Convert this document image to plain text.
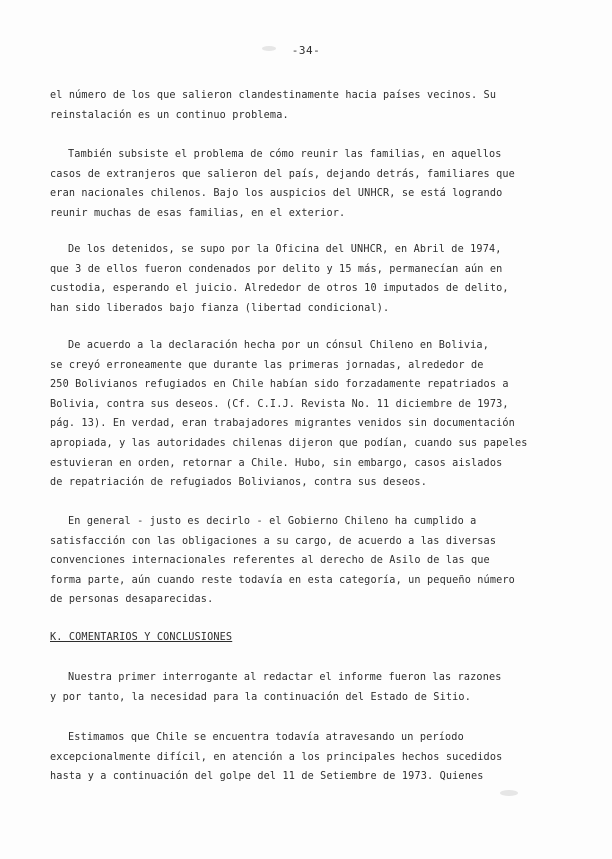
-34-
el número de los que salieron clandestinamente hacia países vecinos. Su
reinstalación es un continuo problema.
También subsiste el problema de cómo reunir las familias, en aquellos
casos de extranjeros que salieron del país, dejando detrás, familiares que
eran nacionales chilenos. Bajo los auspicios del UNHCR, se está logrando
reunir muchas de esas familias, en el exterior.
De los detenidos, se supo por la Oficina del UNHCR, en Abril de 1974,
que 3 de ellos fueron condenados por delito y 15 más, permanecían aún en
custodia, esperando el juicio. Alrededor de otros 10 imputados de delito,
han sido liberados bajo fianza (libertad condicional).
De acuerdo a la declaración hecha por un cónsul Chileno en Bolivia,
se creyó erroneamente que durante las primeras jornadas, alrededor de
250 Bolivianos refugiados en Chile habían sido forzadamente repatriados a
Bolivia, contra sus deseos. (Cf. C.I.J. Revista No. 11 diciembre de 1973,
pág. 13). En verdad, eran trabajadores migrantes venidos sin documentación
apropiada, y las autoridades chilenas dijeron que podían, cuando sus papeles
estuvieran en orden, retornar a Chile. Hubo, sin embargo, casos aislados
de repatriación de refugiados Bolivianos, contra sus deseos.
En general - justo es decirlo - el Gobierno Chileno ha cumplido a
satisfacción con las obligaciones a su cargo, de acuerdo a las diversas
convenciones internacionales referentes al derecho de Asilo de las que
forma parte, aún cuando reste todavía en esta categoría, un pequeño número
de personas desaparecidas.
K. COMENTARIOS Y CONCLUSIONES
Nuestra primer interrogante al redactar el informe fueron las razones
y por tanto, la necesidad para la continuación del Estado de Sitio.
Estimamos que Chile se encuentra todavía atravesando un período
excepcionalmente difícil, en atención a los principales hechos sucedidos
hasta y a continuación del golpe del 11 de Setiembre de 1973. Quienes
